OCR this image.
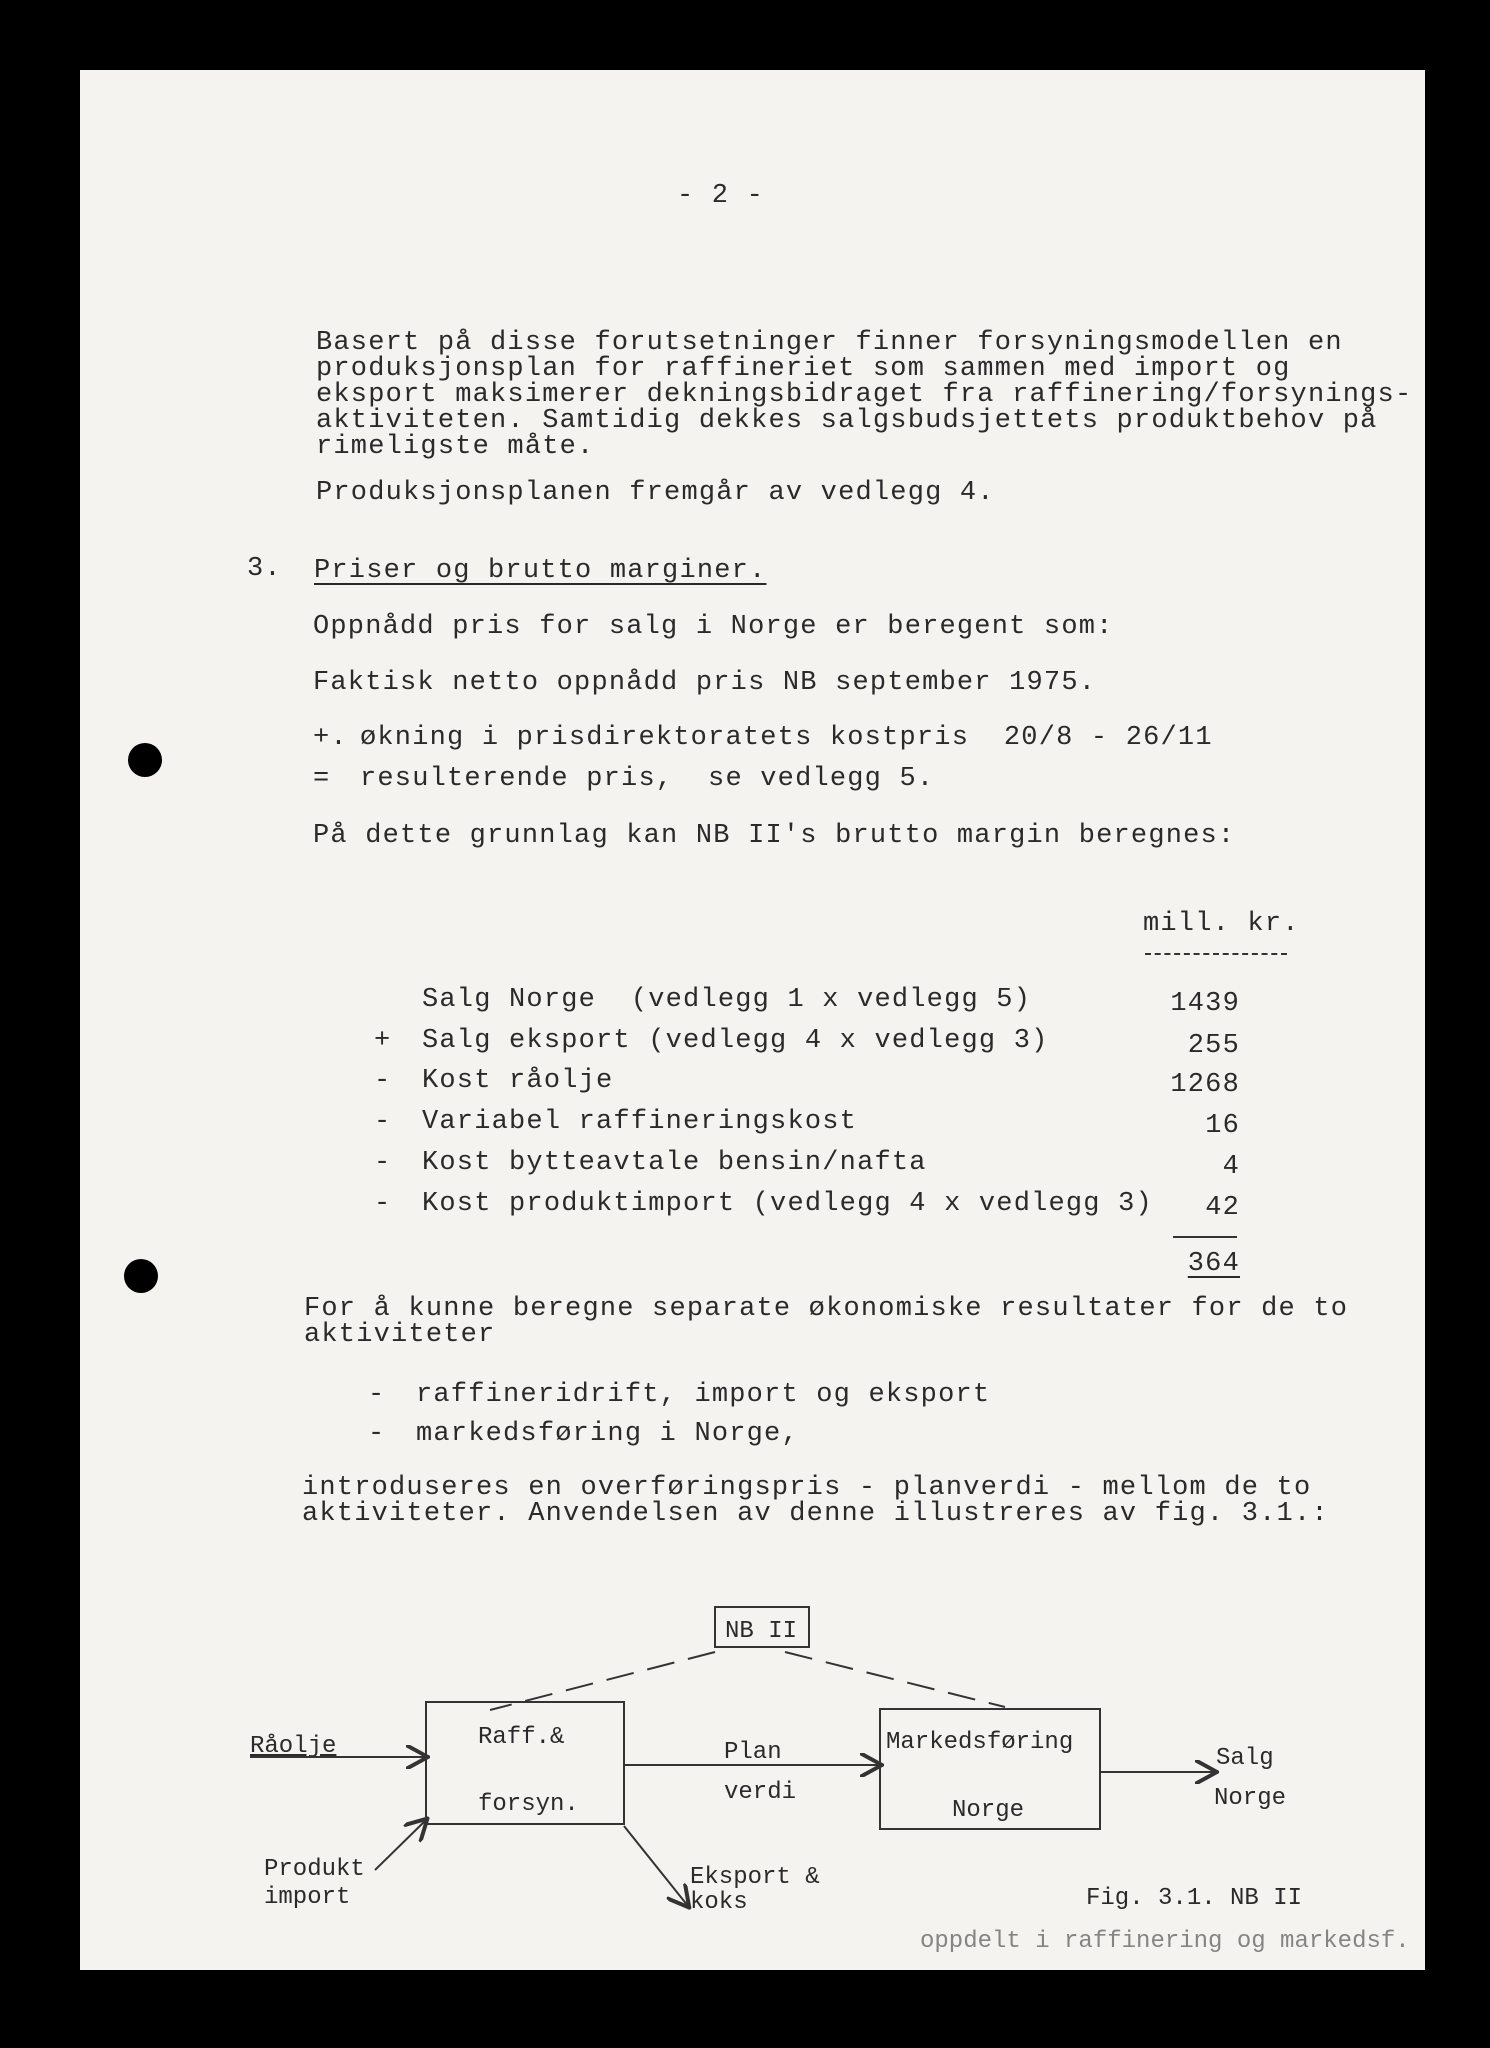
- 2 -
Basert på disse forutsetninger finner forsyningsmodellen en
produksjonsplan for raffineriet som sammen med import og
eksport maksimerer dekningsbidraget fra raffinering/forsynings-
aktiviteten. Samtidig dekkes salgsbudsjettets produktbehov på
rimeligste måte.
Produksjonsplanen fremgår av vedlegg 4.
3. Priser og brutto marginer.
Oppnådd pris for salg i Norge er beregent som:
Faktisk netto oppnådd pris NB september 1975.
+. økning i prisdirektoratets kostpris  20/8 - 26/11
= resulterende pris,  se vedlegg 5.
På dette grunnlag kan NB II's brutto margin beregnes:
mill. kr.
Salg Norge  (vedlegg 1 x vedlegg 5)	1439
+ Salg eksport (vedlegg 4 x vedlegg 3)	255
- Kost råolje	1268
- Variabel raffineringskost	16
- Kost bytteavtale bensin/nafta	4
- Kost produktimport (vedlegg 4 x vedlegg 3)	42
364
For å kunne beregne separate økonomiske resultater for de to
aktiviteter
- raffineridrift, import og eksport
- markedsføring i Norge,
introduseres en overføringspris - planverdi - mellom de to
aktiviteter. Anvendelsen av denne illustreres av fig. 3.1.:
NB II
Raff.&
forsyn.
Markedsføring
Norge
Råolje	Plan
verdi
Salg
Norge
Produkt
import
Eksport &
koks	Fig. 3.1. NB II
oppdelt i raffinering og markedsf.
